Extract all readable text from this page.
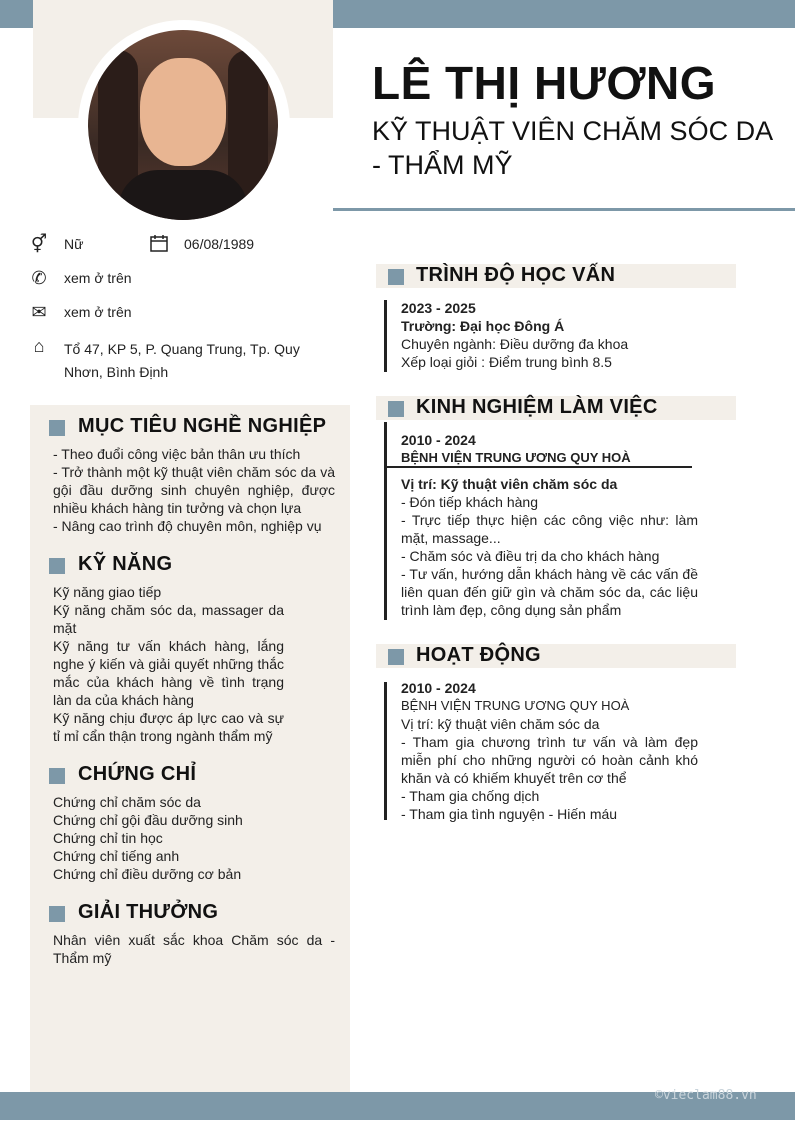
LÊ THỊ HƯƠNG
KỸ THUẬT VIÊN CHĂM SÓC DA - THẨM MỸ
⚥ Nữ	06/08/1989
✆ xem ở trên
✉ xem ở trên
⌂	Tổ 47, KP 5, P. Quang Trung, Tp. Quy Nhơn, Bình Định
MỤC TIÊU NGHỀ NGHIỆP
- Theo đuổi công việc bản thân ưu thích
- Trở thành một kỹ thuật viên chăm sóc da và gội đầu dưỡng sinh chuyên nghiệp, được nhiều khách hàng tin tưởng và chọn lựa
- Nâng cao trình độ chuyên môn, nghiệp vụ
KỸ NĂNG
Kỹ năng giao tiếp
Kỹ năng chăm sóc da, massager da mặt
Kỹ năng tư vấn khách hàng, lắng nghe ý kiến và giải quyết những thắc mắc của khách hàng về tình trạng làn da của khách hàng
Kỹ năng chịu được áp lực cao và sự tỉ mỉ cẩn thận trong ngành thẩm mỹ
CHỨNG CHỈ
Chứng chỉ chăm sóc da
Chứng chỉ gội đầu dưỡng sinh
Chứng chỉ tin học
Chứng chỉ tiếng anh
Chứng chỉ điều dưỡng cơ bản
GIẢI THƯỞNG
Nhân viên xuất sắc khoa Chăm sóc da - Thẩm mỹ
TRÌNH ĐỘ HỌC VẤN
2023 - 2025
Trường: Đại học Đông Á
Chuyên ngành: Điều dưỡng đa khoa
Xếp loại giỏi : Điểm trung bình 8.5
KINH NGHIỆM LÀM VIỆC
2010 - 2024
BỆNH VIỆN TRUNG ƯƠNG QUY HOÀ
Vị trí: Kỹ thuật viên chăm sóc da
- Đón tiếp khách hàng
- Trực tiếp thực hiện các công việc như: làm mặt, massage...
- Chăm sóc và điều trị da cho khách hàng
- Tư vấn, hướng dẫn khách hàng về các vấn đề liên quan đến giữ gìn và chăm sóc da, các liệu trình làm đẹp, công dụng sản phẩm
HOẠT ĐỘNG
2010 - 2024
BỆNH VIỆN TRUNG ƯƠNG QUY HOÀ
Vị trí: kỹ thuật viên chăm sóc da
- Tham gia chương trình tư vấn và làm đẹp miễn phí cho những người có hoàn cảnh khó khăn và có khiếm khuyết trên cơ thể
- Tham gia chống dịch
- Tham gia tình nguyện - Hiến máu
©vieclam88.vn
